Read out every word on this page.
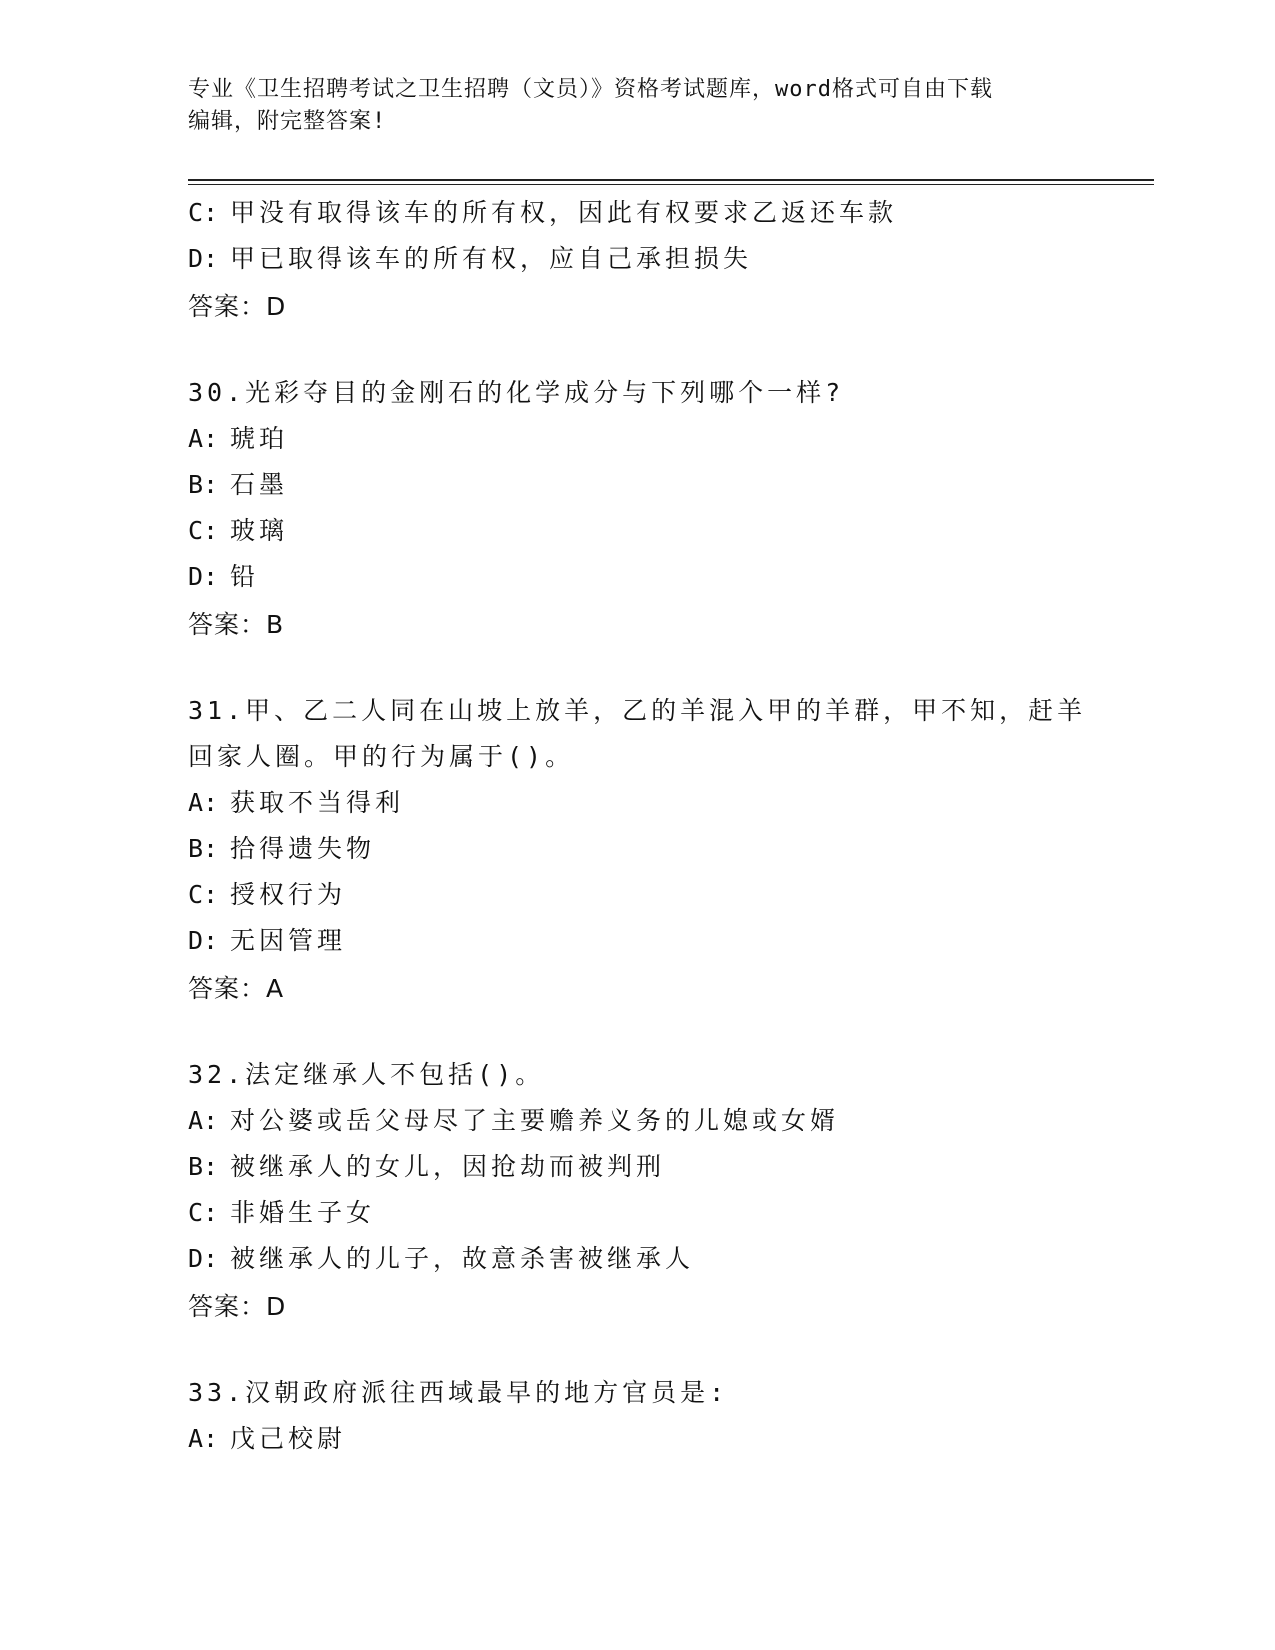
专业《卫生招聘考试之卫生招聘（文员）》资格考试题库，word格式可自由下载
编辑，附完整答案!
C: 甲没有取得该车的所有权，因此有权要求乙返还车款
D: 甲已取得该车的所有权，应自己承担损失
答案：D
30.光彩夺目的金刚石的化学成分与下列哪个一样?
A: 琥珀
B: 石墨
C: 玻璃
D: 铅
答案：B
31.甲、乙二人同在山坡上放羊，乙的羊混入甲的羊群，甲不知，赶羊
回家人圈。甲的行为属于()。
A: 获取不当得利
B: 拾得遗失物
C: 授权行为
D: 无因管理
答案：A
32.法定继承人不包括()。
A: 对公婆或岳父母尽了主要赡养义务的儿媳或女婿
B: 被继承人的女儿，因抢劫而被判刑
C: 非婚生子女
D: 被继承人的儿子，故意杀害被继承人
答案：D
33.汉朝政府派往西域最早的地方官员是:
A: 戊己校尉
